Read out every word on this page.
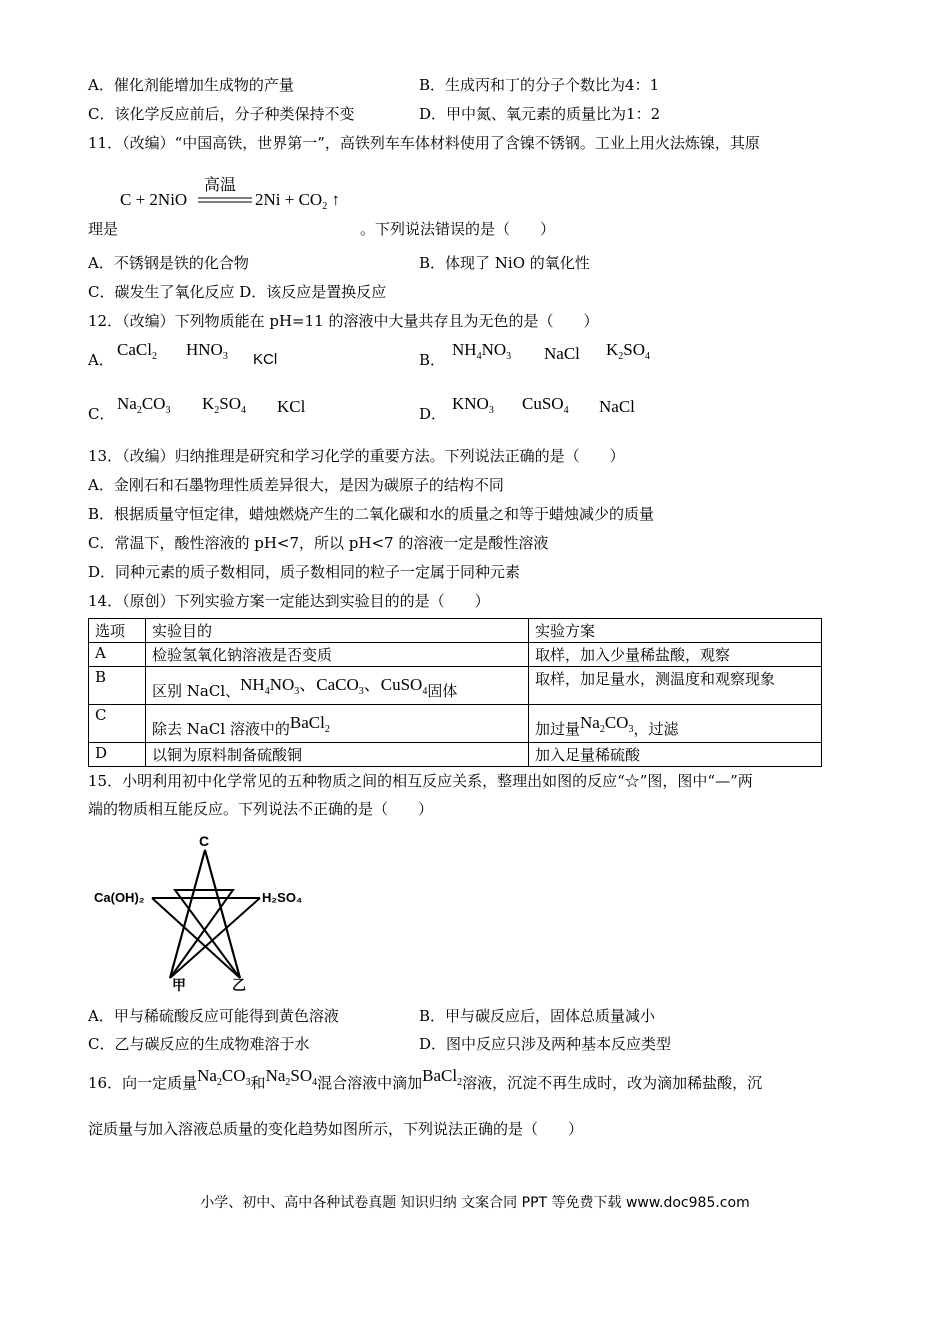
A．催化剂能增加生成物的产量	B．生成丙和丁的分子个数比为4：1
C．该化学反应前后，分子种类保持不变	D．甲中氮、氧元素的质量比为1：2
11．（改编）“中国高铁，世界第一”，高铁列车车体材料使用了含镍不锈钢。工业上用火法炼镍，其原
C + 2NiO
高温
$2Ni + CO_2$ ↑
理是	。下列说法错误的是（　　）
A．不锈钢是铁的化合物	B．体现了 NiO 的氧化性
C．碳发生了氧化反应 D．该反应是置换反应
12．（改编）下列物质能在 pH=11 的溶液中大量共存且为无色的是（　　）
A．
CaCl$_2$ $HNO_3$ KCl	B．
$NH_4NO_3$ NaCl $K_2SO_4$
C．
$Na_2CO_3$ $K_2SO_4$ KCl	D．
$KNO_3$ CuSO$_4$ NaCl
13．（改编）归纳推理是研究和学习化学的重要方法。下列说法正确的是（　　）
A．金刚石和石墨物理性质差异很大，是因为碳原子的结构不同
B．根据质量守恒定律，蜡烛燃烧产生的二氧化碳和水的质量之和等于蜡烛减少的质量
C．常温下，酸性溶液的 pH<7，所以 pH<7 的溶液一定是酸性溶液
D．同种元素的质子数相同，质子数相同的粒子一定属于同种元素
14．（原创）下列实验方案一定能达到实验目的的是（　　）
选项	实验目的	实验方案
A	检验氢氧化钠溶液是否变质	取样，加入少量稀盐酸，观察
B	区别 NaCl、$NH_4NO_3$、CaCO$_3$、CuSO$_4$固体	取样，加足量水，测温度和观察现象
C	除去 NaCl 溶液中的BaCl$_2$	加过量$Na_2CO_3$，过滤
D	以铜为原料制备硫酸铜	加入足量稀硫酸
15．小明利用初中化学常见的五种物质之间的相互反应关系，整理出如图的反应“☆”图，图中“—”两
端的物质相互能反应。下列说法不正确的是（　　）
C
Ca(OH)₂	H₂SO₄
甲	乙
A．甲与稀硫酸反应可能得到黄色溶液	B．甲与碳反应后，固体总质量减小
C．乙与碳反应的生成物难溶于水	D．图中反应只涉及两种基本反应类型
16．向一定质量$Na_2CO_3$和$Na_2SO_4$混合溶液中滴加BaCl$_2$溶液，沉淀不再生成时，改为滴加稀盐酸，沉
淀质量与加入溶液总质量的变化趋势如图所示，下列说法正确的是（　　）
小学、初中、高中各种试卷真题 知识归纳 文案合同 PPT 等免费下载 www.doc985.com
